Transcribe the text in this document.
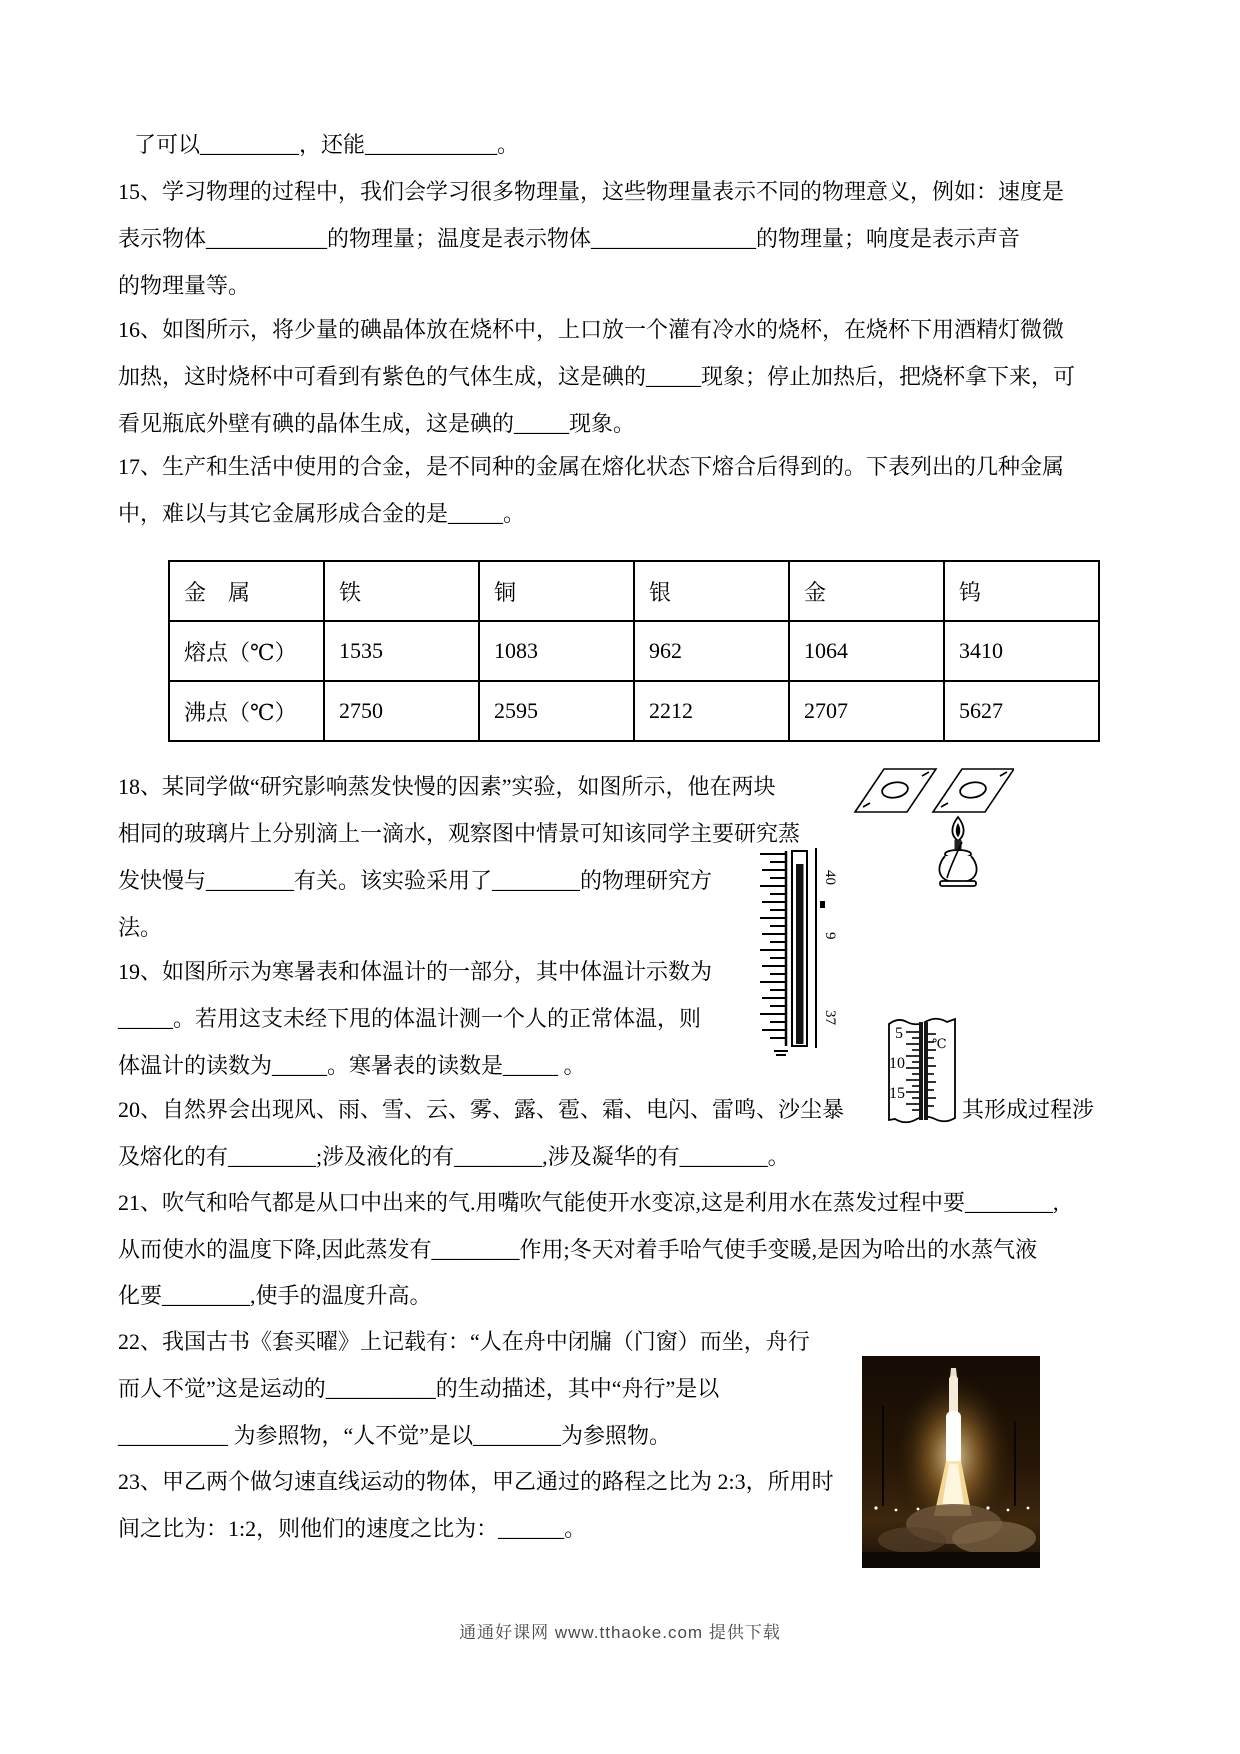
了可以_________，还能____________。
15、学习物理的过程中，我们会学习很多物理量，这些物理量表示不同的物理意义，例如：速度是
表示物体___________的物理量；温度是表示物体_______________的物理量；响度是表示声音
的物理量等。
16、如图所示，将少量的碘晶体放在烧杯中，上口放一个灌有冷水的烧杯，在烧杯下用酒精灯微微
加热，这时烧杯中可看到有紫色的气体生成，这是碘的_____现象；停止加热后，把烧杯拿下来，可
看见瓶底外壁有碘的晶体生成，这是碘的_____现象。
17、生产和生活中使用的合金，是不同种的金属在熔化状态下熔合后得到的。下表列出的几种金属
中，难以与其它金属形成合金的是_____。
金　属	铁	铜	银	金	钨
熔点（℃）	1535	1083	962	1064	3410
沸点（℃）	2750	2595	2212	2707	5627
18、某同学做“研究影响蒸发快慢的因素”实验，如图所示，他在两块
相同的玻璃片上分别滴上一滴水，观察图中情景可知该同学主要研究蒸
发快慢与________有关。该实验采用了________的物理研究方
法。
19、如图所示为寒暑表和体温计的一部分，其中体温计示数为
_____。若用这支未经下甩的体温计测一个人的正常体温，则
体温计的读数为_____。寒暑表的读数是_____ 。
20、自然界会出现风、雨、雪、云、雾、露、雹、霜、电闪、雷鸣、沙尘暴	其形成过程涉
及熔化的有________;涉及液化的有________,涉及凝华的有________。
21、吹气和哈气都是从口中出来的气.用嘴吹气能使开水变凉,这是利用水在蒸发过程中要________,
从而使水的温度下降,因此蒸发有________作用;冬天对着手哈气使手变暖,是因为哈出的水蒸气液
化要________,使手的温度升高。
22、我国古书《套买曜》上记载有：“人在舟中闭牖（门窗）而坐，舟行
而人不觉”这是运动的__________的生动描述，其中“舟行”是以
__________ 为参照物，“人不觉”是以________为参照物。
23、甲乙两个做匀速直线运动的物体，甲乙通过的路程之比为 2:3，所用时
间之比为：1:2，则他们的速度之比为：______。
40
9
37
5
10
15
℃
通通好课网 www.tthaoke.com 提供下载
